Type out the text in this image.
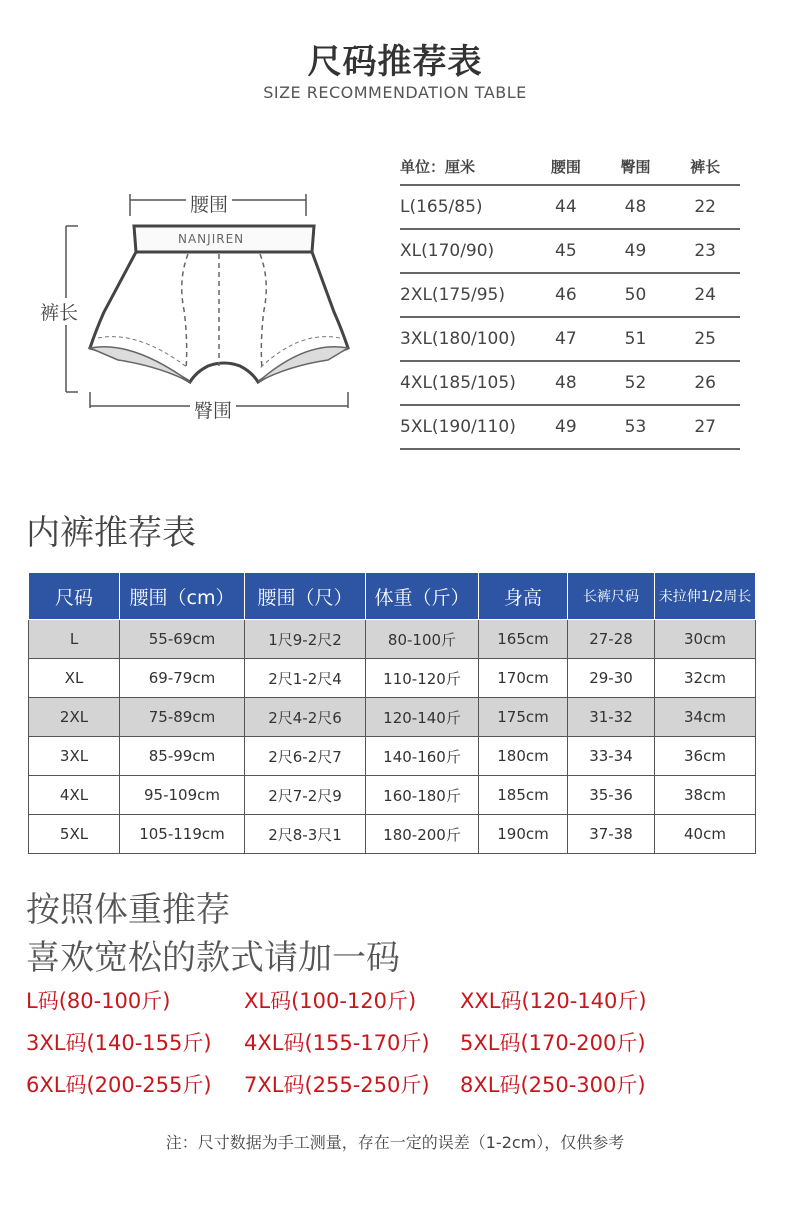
尺码推荐表
SIZE RECOMMENDATION TABLE
腰围
裤长
臀围
NANJIREN
单位：厘米	腰围	臀围	裤长
L(165/85)	44	48	22
XL(170/90)	45	49	23
2XL(175/95)	46	50	24
3XL(180/100)	47	51	25
4XL(185/105)	48	52	26
5XL(190/110)	49	53	27
内裤推荐表
尺码	腰围（cm）	腰围（尺）	体重（斤）	身高	长裤尺码	未拉伸1/2周长
L	55-69cm	1尺9-2尺2	80-100斤	165cm	27-28	30cm
XL	69-79cm	2尺1-2尺4	110-120斤	170cm	29-30	32cm
2XL	75-89cm	2尺4-2尺6	120-140斤	175cm	31-32	34cm
3XL	85-99cm	2尺6-2尺7	140-160斤	180cm	33-34	36cm
4XL	95-109cm	2尺7-2尺9	160-180斤	185cm	35-36	38cm
5XL	105-119cm	2尺8-3尺1	180-200斤	190cm	37-38	40cm
按照体重推荐
喜欢宽松的款式请加一码
L码(80-100斤)	XL码(100-120斤) XXL码(120-140斤)
3XL码(140-155斤) 4XL码(155-170斤) 5XL码(170-200斤)
6XL码(200-255斤) 7XL码(255-250斤) 8XL码(250-300斤)
注：尺寸数据为手工测量，存在一定的误差（1-2cm），仅供参考
